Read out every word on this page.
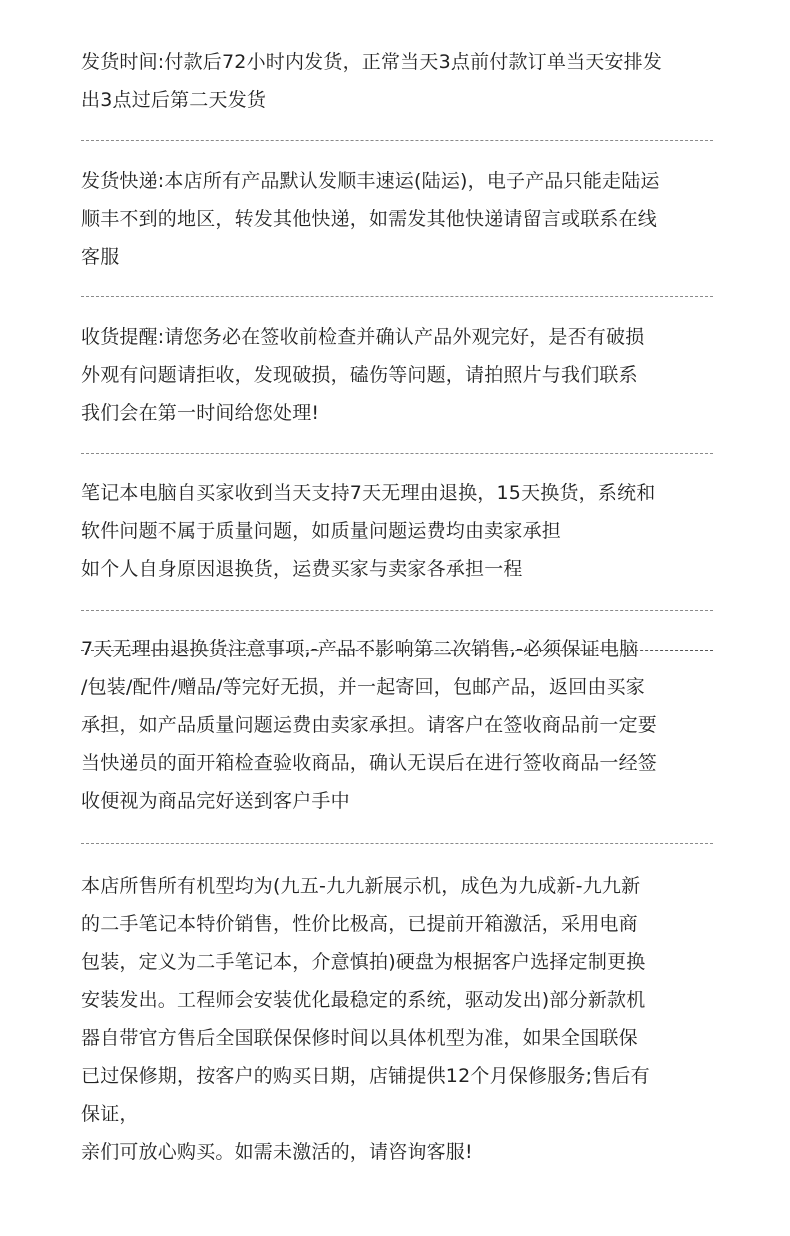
发货时间:付款后72小时内发货，正常当天3点前付款订单当天安排发
出3点过后第二天发货
发货快递:本店所有产品默认发顺丰速运(陆运)，电子产品只能走陆运
顺丰不到的地区，转发其他快递，如需发其他快递请留言或联系在线
客服
收货提醒:请您务必在签收前检查并确认产品外观完好，是否有破损
外观有问题请拒收，发现破损，磕伤等问题，请拍照片与我们联系
我们会在第一时间给您处理!
笔记本电脑自买家收到当天支持7天无理由退换，15天换货，系统和
软件问题不属于质量问题，如质量问题运费均由卖家承担
如个人自身原因退换货，运费买家与卖家各承担一程
7天无理由退换货注意事项,-产品不影响第二次销售,-必须保证电脑
/包装/配件/赠品/等完好无损，并一起寄回，包邮产品，返回由买家
承担，如产品质量问题运费由卖家承担。请客户在签收商品前一定要
当快递员的面开箱检查验收商品，确认无误后在进行签收商品一经签
收便视为商品完好送到客户手中
本店所售所有机型均为(九五-九九新展示机，成色为九成新-九九新
的二手笔记本特价销售，性价比极高，已提前开箱激活，采用电商
包装，定义为二手笔记本，介意慎拍)硬盘为根据客户选择定制更换
安装发出。工程师会安装优化最稳定的系统，驱动发出)部分新款机
器自带官方售后全国联保保修时间以具体机型为准，如果全国联保
已过保修期，按客户的购买日期，店铺提供12个月保修服务;售后有
保证，
亲们可放心购买。如需未激活的，请咨询客服!
